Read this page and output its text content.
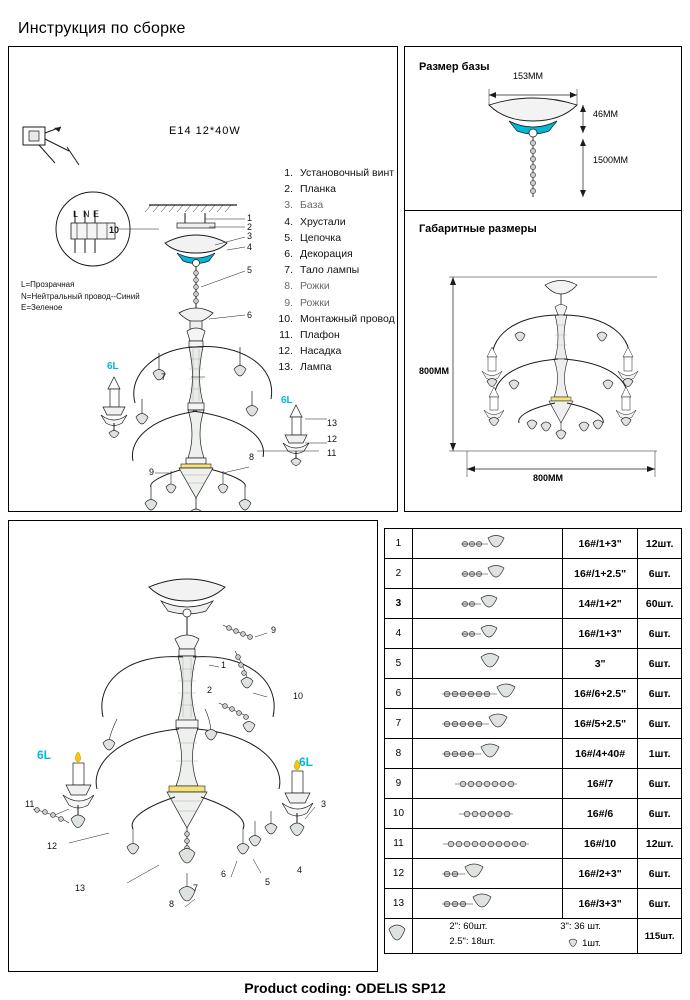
Инструкция по сборке
E14 12*40W
1. Установочный винт
2. Планка
3. База
4. Хрустали
5. Цепочка
6. Декорация
7. Тало лампы
8. Рожки
9. Рожки
10. Монтажный провод
11. Плафон
12. Насадка
13. Лампа
L=Прозрачная
N=Нейтральный провод--Синий
E=Зеленое
10
L N E	1
2
3
4
5
6
7
8
9
13
12
11
6L
6L
Размер базы
153MM
46MM
1500MM
Габаритные размеры
800MM
800MM
9
1
2
10
3
11
12
13
8
7
6
5
4
6L	6L
1		16#/1+3"	12шт.
2		16#/1+2.5"	6шт.
3		14#/1+2"	60шт.
4		16#/1+3"	6шт.
5		3"	6шт.
6		16#/6+2.5"	6шт.
7		16#/5+2.5"	6шт.
8		16#/4+40#	1шт.
9		16#/7	6шт.
10		16#/6	6шт.
11		16#/10	12шт.
12		16#/2+3"	6шт.
13		16#/3+3"	6шт.

2": 60шт. 3": 36 шт.
2.5": 18шт. 1шт.		115шт.
Product coding: ODELIS SP12
